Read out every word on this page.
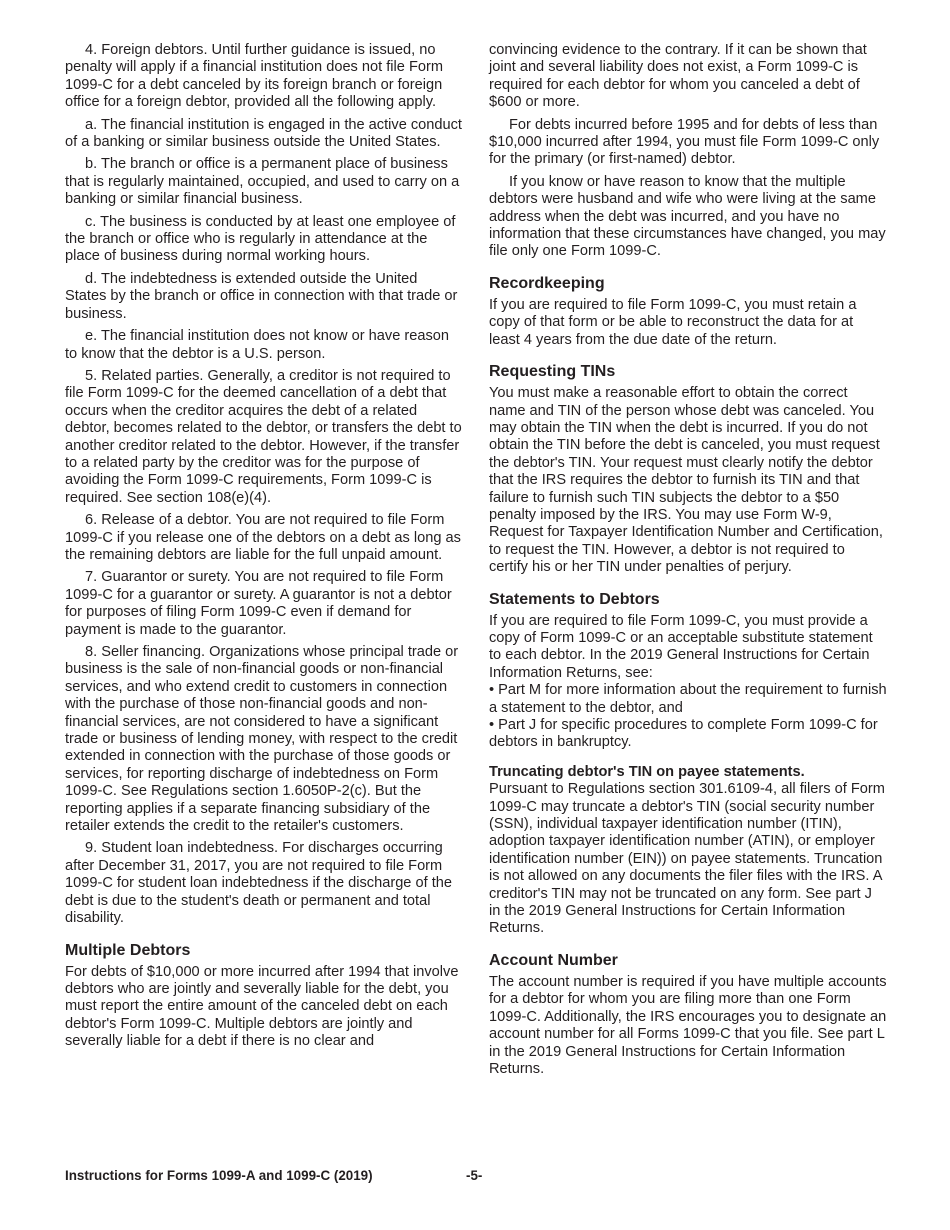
4. Foreign debtors. Until further guidance is issued, no penalty will apply if a financial institution does not file Form 1099-C for a debt canceled by its foreign branch or foreign office for a foreign debtor, provided all the following apply.

a. The financial institution is engaged in the active conduct of a banking or similar business outside the United States.

b. The branch or office is a permanent place of business that is regularly maintained, occupied, and used to carry on a banking or similar financial business.

c. The business is conducted by at least one employee of the branch or office who is regularly in attendance at the place of business during normal working hours.

d. The indebtedness is extended outside the United States by the branch or office in connection with that trade or business.

e. The financial institution does not know or have reason to know that the debtor is a U.S. person.

5. Related parties. Generally, a creditor is not required to file Form 1099-C for the deemed cancellation of a debt that occurs when the creditor acquires the debt of a related debtor, becomes related to the debtor, or transfers the debt to another creditor related to the debtor. However, if the transfer to a related party by the creditor was for the purpose of avoiding the Form 1099-C requirements, Form 1099-C is required. See section 108(e)(4).

6. Release of a debtor. You are not required to file Form 1099-C if you release one of the debtors on a debt as long as the remaining debtors are liable for the full unpaid amount.

7. Guarantor or surety. You are not required to file Form 1099-C for a guarantor or surety. A guarantor is not a debtor for purposes of filing Form 1099-C even if demand for payment is made to the guarantor.

8. Seller financing. Organizations whose principal trade or business is the sale of non-financial goods or non-financial services, and who extend credit to customers in connection with the purchase of those non-financial goods and non-financial services, are not considered to have a significant trade or business of lending money, with respect to the credit extended in connection with the purchase of those goods or services, for reporting discharge of indebtedness on Form 1099-C. See Regulations section 1.6050P-2(c). But the reporting applies if a separate financing subsidiary of the retailer extends the credit to the retailer's customers.

9. Student loan indebtedness. For discharges occurring after December 31, 2017, you are not required to file Form 1099-C for student loan indebtedness if the discharge of the debt is due to the student's death or permanent and total disability.

Multiple Debtors

For debts of $10,000 or more incurred after 1994 that involve debtors who are jointly and severally liable for the debt, you must report the entire amount of the canceled debt on each debtor's Form 1099-C. Multiple debtors are jointly and severally liable for a debt if there is no clear and

convincing evidence to the contrary. If it can be shown that joint and several liability does not exist, a Form 1099-C is required for each debtor for whom you canceled a debt of $600 or more.

For debts incurred before 1995 and for debts of less than $10,000 incurred after 1994, you must file Form 1099-C only for the primary (or first-named) debtor.

If you know or have reason to know that the multiple debtors were husband and wife who were living at the same address when the debt was incurred, and you have no information that these circumstances have changed, you may file only one Form 1099-C.

Recordkeeping

If you are required to file Form 1099-C, you must retain a copy of that form or be able to reconstruct the data for at least 4 years from the due date of the return.

Requesting TINs

You must make a reasonable effort to obtain the correct name and TIN of the person whose debt was canceled. You may obtain the TIN when the debt is incurred. If you do not obtain the TIN before the debt is canceled, you must request the debtor's TIN. Your request must clearly notify the debtor that the IRS requires the debtor to furnish its TIN and that failure to furnish such TIN subjects the debtor to a $50 penalty imposed by the IRS. You may use Form W-9, Request for Taxpayer Identification Number and Certification, to request the TIN. However, a debtor is not required to certify his or her TIN under penalties of perjury.

Statements to Debtors

If you are required to file Form 1099-C, you must provide a copy of Form 1099-C or an acceptable substitute statement to each debtor. In the 2019 General Instructions for Certain Information Returns, see:

• Part M for more information about the requirement to furnish a statement to the debtor, and

• Part J for specific procedures to complete Form 1099-C for debtors in bankruptcy.

Truncating debtor's TIN on payee statements.

Pursuant to Regulations section 301.6109-4, all filers of Form 1099-C may truncate a debtor's TIN (social security number (SSN), individual taxpayer identification number (ITIN), adoption taxpayer identification number (ATIN), or employer identification number (EIN)) on payee statements. Truncation is not allowed on any documents the filer files with the IRS. A creditor's TIN may not be truncated on any form. See part J in the 2019 General Instructions for Certain Information Returns.

Account Number

The account number is required if you have multiple accounts for a debtor for whom you are filing more than one Form 1099-C. Additionally, the IRS encourages you to designate an account number for all Forms 1099-C that you file. See part L in the 2019 General Instructions for Certain Information Returns.

Instructions for Forms 1099-A and 1099-C (2019)	-5-
